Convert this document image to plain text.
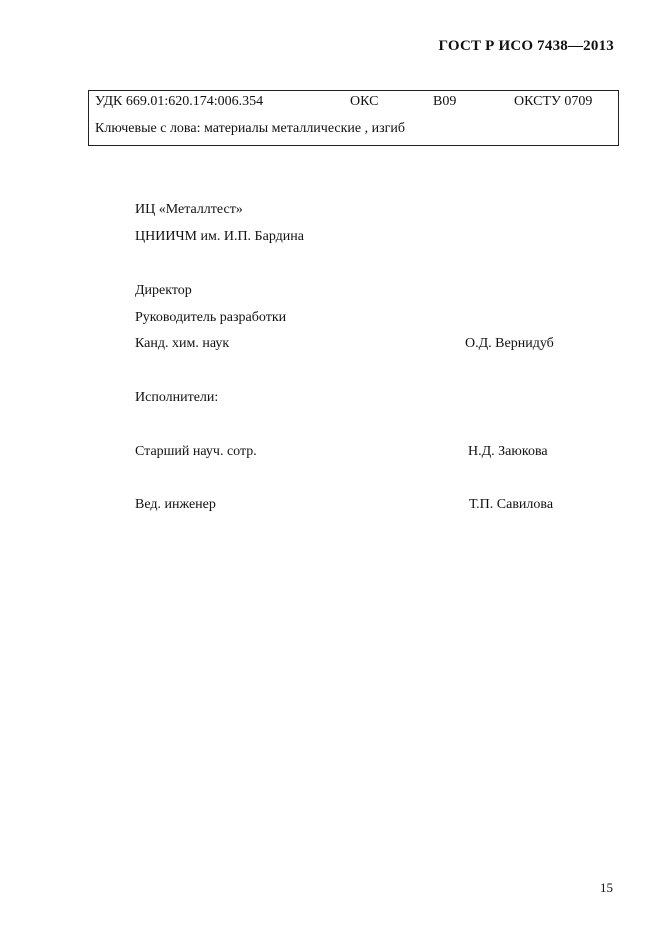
ГОСТ Р ИСО 7438—2013
УДК 669.01:620.174:006.354	ОКС	В09	ОКСТУ 0709
Ключевые с лова: материалы металлические , изгиб
ИЦ «Металлтест»
ЦНИИЧМ им. И.П. Бардина
Директор
Руководитель разработки
Канд. хим. наук	О.Д. Вернидуб
Исполнители:
Старший науч. сотр.	Н.Д. Заюкова
Вед. инженер	Т.П. Савилова
15
